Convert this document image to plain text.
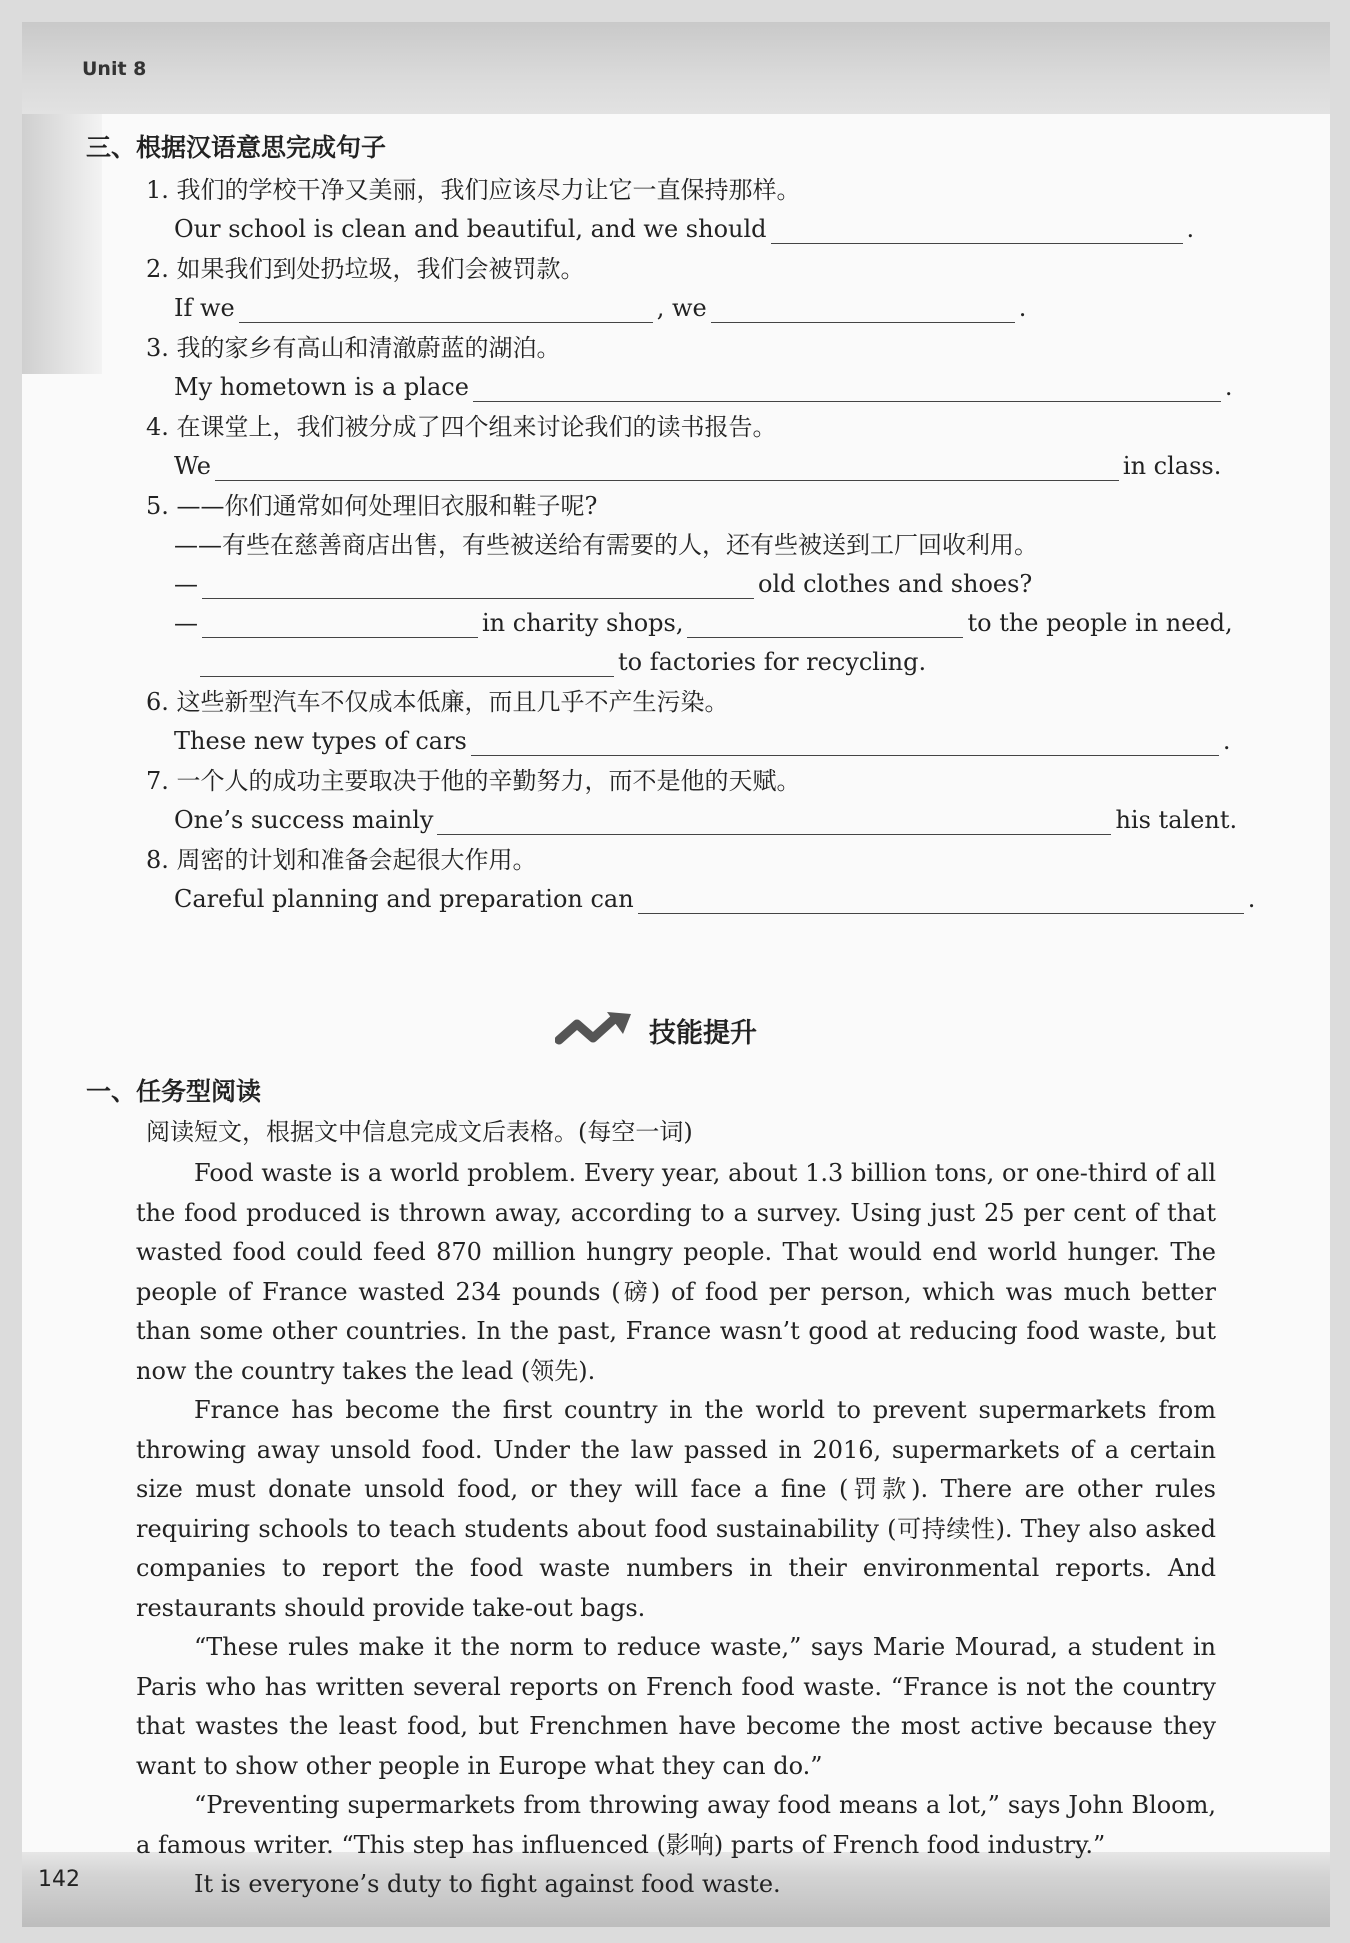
Unit 8
三、根据汉语意思完成句子
1. 我们的学校干净又美丽，我们应该尽力让它一直保持那样。
Our school is clean and beautiful, and we should	.
2. 如果我们到处扔垃圾，我们会被罚款。
If we	, we	.
3. 我的家乡有高山和清澈蔚蓝的湖泊。
My hometown is a place	.
4. 在课堂上，我们被分成了四个组来讨论我们的读书报告。
We	in class.
5. ——你们通常如何处理旧衣服和鞋子呢?
——有些在慈善商店出售，有些被送给有需要的人，还有些被送到工厂回收利用。
—	old clothes and shoes?
—	in charity shops,	to the people in need,
to factories for recycling.
6. 这些新型汽车不仅成本低廉，而且几乎不产生污染。
These new types of cars	.
7. 一个人的成功主要取决于他的辛勤努力，而不是他的天赋。
One’s success mainly	his talent.
8. 周密的计划和准备会起很大作用。
Careful planning and preparation can	.
技能提升
一、任务型阅读
阅读短文，根据文中信息完成文后表格。(每空一词)

Food waste is a world problem. Every year, about 1.3 billion tons, or one-third of all the food produced is thrown away, according to a survey. Using just 25 per cent of that wasted food could feed 870 million hungry people. That would end world hunger. The people of France wasted 234 pounds (磅) of food per person, which was much better than some other countries. In the past, France wasn’t good at reducing food waste, but now the country takes the lead (领先).

France has become the first country in the world to prevent supermarkets from throwing away unsold food. Under the law passed in 2016, supermarkets of a certain size must donate unsold food, or they will face a fine (罚款). There are other rules requiring schools to teach students about food sustainability (可持续性). They also asked companies to report the food waste numbers in their environmental reports. And restaurants should provide take-out bags.

“These rules make it the norm to reduce waste,” says Marie Mourad, a student in Paris who has written several reports on French food waste. “France is not the country that wastes the least food, but Frenchmen have become the most active because they want to show other people in Europe what they can do.”

“Preventing supermarkets from throwing away food means a lot,” says John Bloom, a famous writer. “This step has influenced (影响) parts of French food industry.”

It is everyone’s duty to fight against food waste.

142
